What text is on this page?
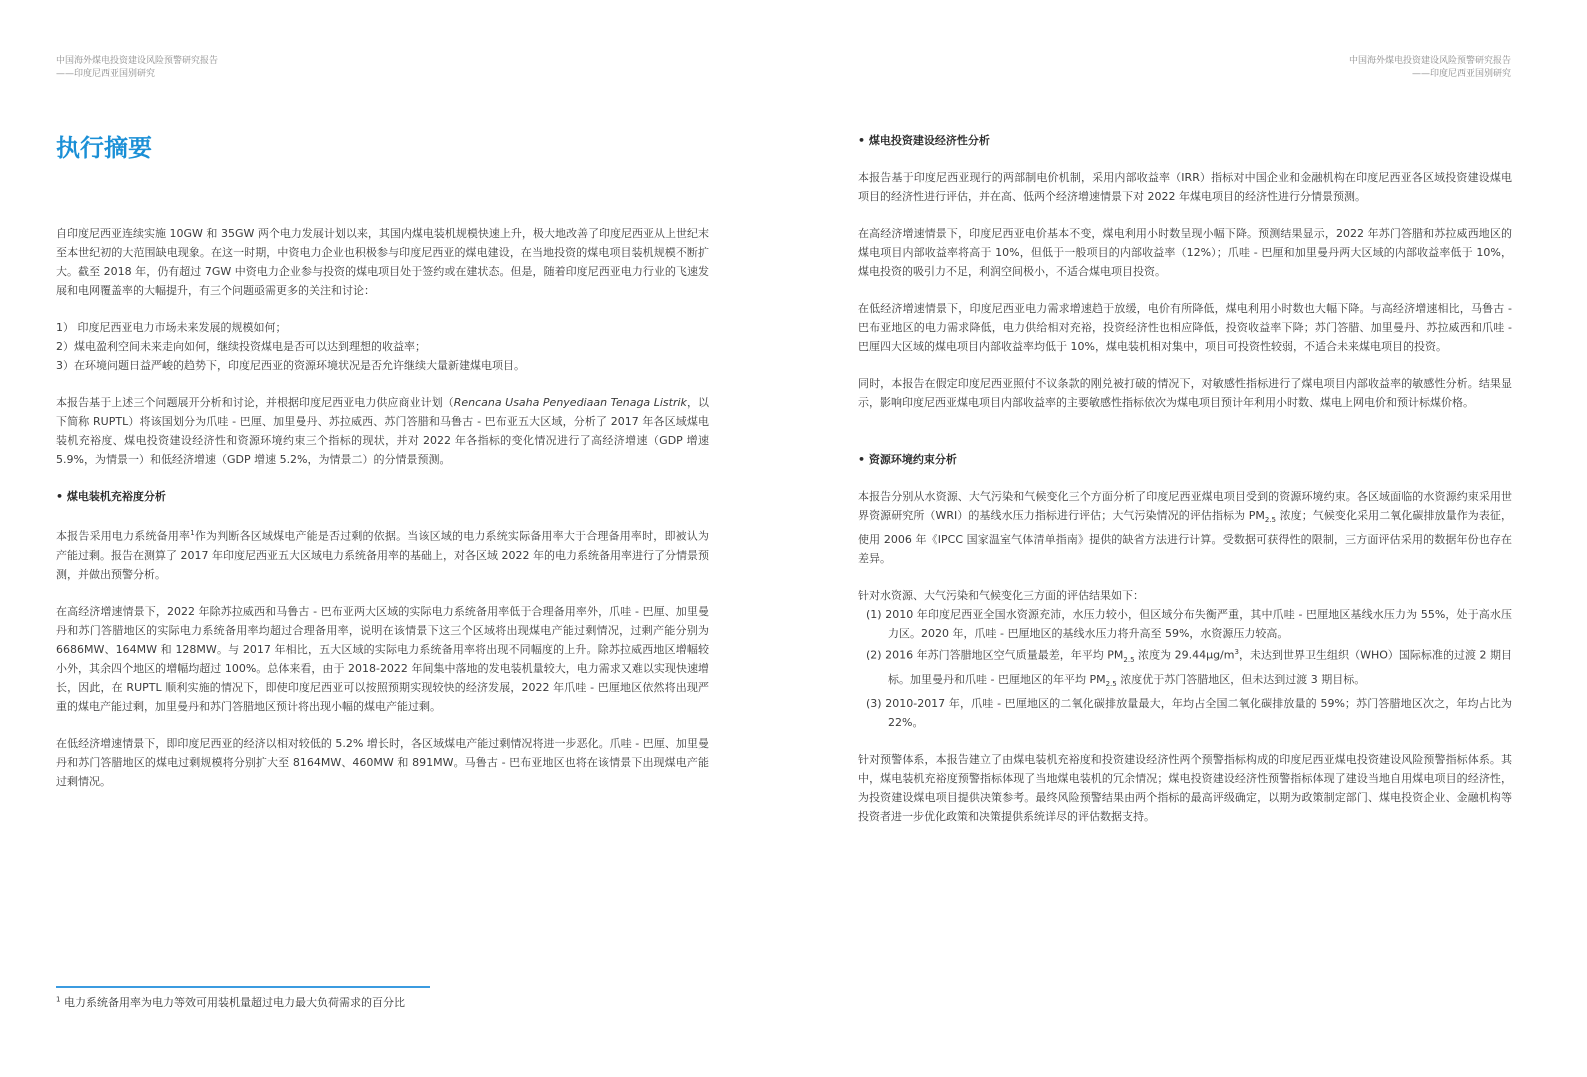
中国海外煤电投资建设风险预警研究报告
——印度尼西亚国别研究
执行摘要

自印度尼西亚连续实施 10GW 和 35GW 两个电力发展计划以来，其国内煤电装机规模快速上升，极大地改善了印度尼西亚从上世纪末至本世纪初的大范围缺电现象。在这一时期，中资电力企业也积极参与印度尼西亚的煤电建设，在当地投资的煤电项目装机规模不断扩大。截至 2018 年，仍有超过 7GW 中资电力企业参与投资的煤电项目处于签约或在建状态。但是，随着印度尼西亚电力行业的飞速发展和电网覆盖率的大幅提升，有三个问题亟需更多的关注和讨论：

1） 印度尼西亚电力市场未来发展的规模如何；

2）煤电盈利空间未来走向如何，继续投资煤电是否可以达到理想的收益率；

3）在环境问题日益严峻的趋势下，印度尼西亚的资源环境状况是否允许继续大量新建煤电项目。

本报告基于上述三个问题展开分析和讨论，并根据印度尼西亚电力供应商业计划（Rencana Usaha Penyediaan Tenaga Listrik，以下简称 RUPTL）将该国划分为爪哇 - 巴厘、加里曼丹、苏拉威西、苏门答腊和马鲁古 - 巴布亚五大区域，分析了 2017 年各区域煤电装机充裕度、煤电投资建设经济性和资源环境约束三个指标的现状，并对 2022 年各指标的变化情况进行了高经济增速（GDP 增速 5.9%，为情景一）和低经济增速（GDP 增速 5.2%，为情景二）的分情景预测。

• 煤电装机充裕度分析

本报告采用电力系统备用率$^1$作为判断各区域煤电产能是否过剩的依据。当该区域的电力系统实际备用率大于合理备用率时，即被认为产能过剩。报告在测算了 2017 年印度尼西亚五大区域电力系统备用率的基础上，对各区域 2022 年的电力系统备用率进行了分情景预测，并做出预警分析。

在高经济增速情景下，2022 年除苏拉威西和马鲁古 - 巴布亚两大区域的实际电力系统备用率低于合理备用率外，爪哇 - 巴厘、加里曼丹和苏门答腊地区的实际电力系统备用率均超过合理备用率，说明在该情景下这三个区域将出现煤电产能过剩情况，过剩产能分别为 6686MW、164MW 和 128MW。与 2017 年相比，五大区域的实际电力系统备用率将出现不同幅度的上升。除苏拉威西地区增幅较小外，其余四个地区的增幅均超过 100%。总体来看，由于 2018-2022 年间集中落地的发电装机量较大，电力需求又难以实现快速增长，因此，在 RUPTL 顺利实施的情况下，即使印度尼西亚可以按照预期实现较快的经济发展，2022 年爪哇 - 巴厘地区依然将出现严重的煤电产能过剩，加里曼丹和苏门答腊地区预计将出现小幅的煤电产能过剩。

在低经济增速情景下，即印度尼西亚的经济以相对较低的 5.2% 增长时，各区域煤电产能过剩情况将进一步恶化。爪哇 - 巴厘、加里曼丹和苏门答腊地区的煤电过剩规模将分别扩大至 8164MW、460MW 和 891MW。马鲁古 - 巴布亚地区也将在该情景下出现煤电产能过剩情况。

$^1$ 电力系统备用率为电力等效可用装机量超过电力最大负荷需求的百分比
中国海外煤电投资建设风险预警研究报告
——印度尼西亚国别研究

• 煤电投资建设经济性分析

本报告基于印度尼西亚现行的两部制电价机制，采用内部收益率（IRR）指标对中国企业和金融机构在印度尼西亚各区域投资建设煤电项目的经济性进行评估，并在高、低两个经济增速情景下对 2022 年煤电项目的经济性进行分情景预测。

在高经济增速情景下，印度尼西亚电价基本不变，煤电利用小时数呈现小幅下降。预测结果显示，2022 年苏门答腊和苏拉威西地区的煤电项目内部收益率将高于 10%，但低于一般项目的内部收益率（12%）；爪哇 - 巴厘和加里曼丹两大区域的内部收益率低于 10%，煤电投资的吸引力不足，利润空间极小，不适合煤电项目投资。

在低经济增速情景下，印度尼西亚电力需求增速趋于放缓，电价有所降低，煤电利用小时数也大幅下降。与高经济增速相比，马鲁古 - 巴布亚地区的电力需求降低，电力供给相对充裕，投资经济性也相应降低，投资收益率下降；苏门答腊、加里曼丹、苏拉威西和爪哇 - 巴厘四大区域的煤电项目内部收益率均低于 10%，煤电装机相对集中，项目可投资性较弱，不适合未来煤电项目的投资。

同时，本报告在假定印度尼西亚照付不议条款的刚兑被打破的情况下，对敏感性指标进行了煤电项目内部收益率的敏感性分析。结果显示，影响印度尼西亚煤电项目内部收益率的主要敏感性指标依次为煤电项目预计年利用小时数、煤电上网电价和预计标煤价格。

• 资源环境约束分析

本报告分别从水资源、大气污染和气候变化三个方面分析了印度尼西亚煤电项目受到的资源环境约束。各区域面临的水资源约束采用世界资源研究所（WRI）的基线水压力指标进行评估；大气污染情况的评估指标为 $PM_{2.5}$ 浓度；气候变化采用二氧化碳排放量作为表征，使用 2006 年《IPCC 国家温室气体清单指南》提供的缺省方法进行计算。受数据可获得性的限制，三方面评估采用的数据年份也存在差异。

针对水资源、大气污染和气候变化三方面的评估结果如下：

(1) 2010 年印度尼西亚全国水资源充沛，水压力较小，但区域分布失衡严重，其中爪哇 - 巴厘地区基线水压力为 55%，处于高水压力区。2020 年，爪哇 - 巴厘地区的基线水压力将升高至 59%，水资源压力较高。

(2) 2016 年苏门答腊地区空气质量最差，年平均 $PM_{2.5}$ 浓度为 $29.44\mu g/m^3$，未达到世界卫生组织（WHO）国际标准的过渡 2 期目标。加里曼丹和爪哇 - 巴厘地区的年平均 $PM_{2.5}$ 浓度优于苏门答腊地区，但未达到过渡 3 期目标。

(3) 2010-2017 年，爪哇 - 巴厘地区的二氧化碳排放量最大，年均占全国二氧化碳排放量的 59%；苏门答腊地区次之，年均占比为 22%。

针对预警体系，本报告建立了由煤电装机充裕度和投资建设经济性两个预警指标构成的印度尼西亚煤电投资建设风险预警指标体系。其中，煤电装机充裕度预警指标体现了当地煤电装机的冗余情况；煤电投资建设经济性预警指标体现了建设当地自用煤电项目的经济性，为投资建设煤电项目提供决策参考。最终风险预警结果由两个指标的最高评级确定，以期为政策制定部门、煤电投资企业、金融机构等投资者进一步优化政策和决策提供系统详尽的评估数据支持。
